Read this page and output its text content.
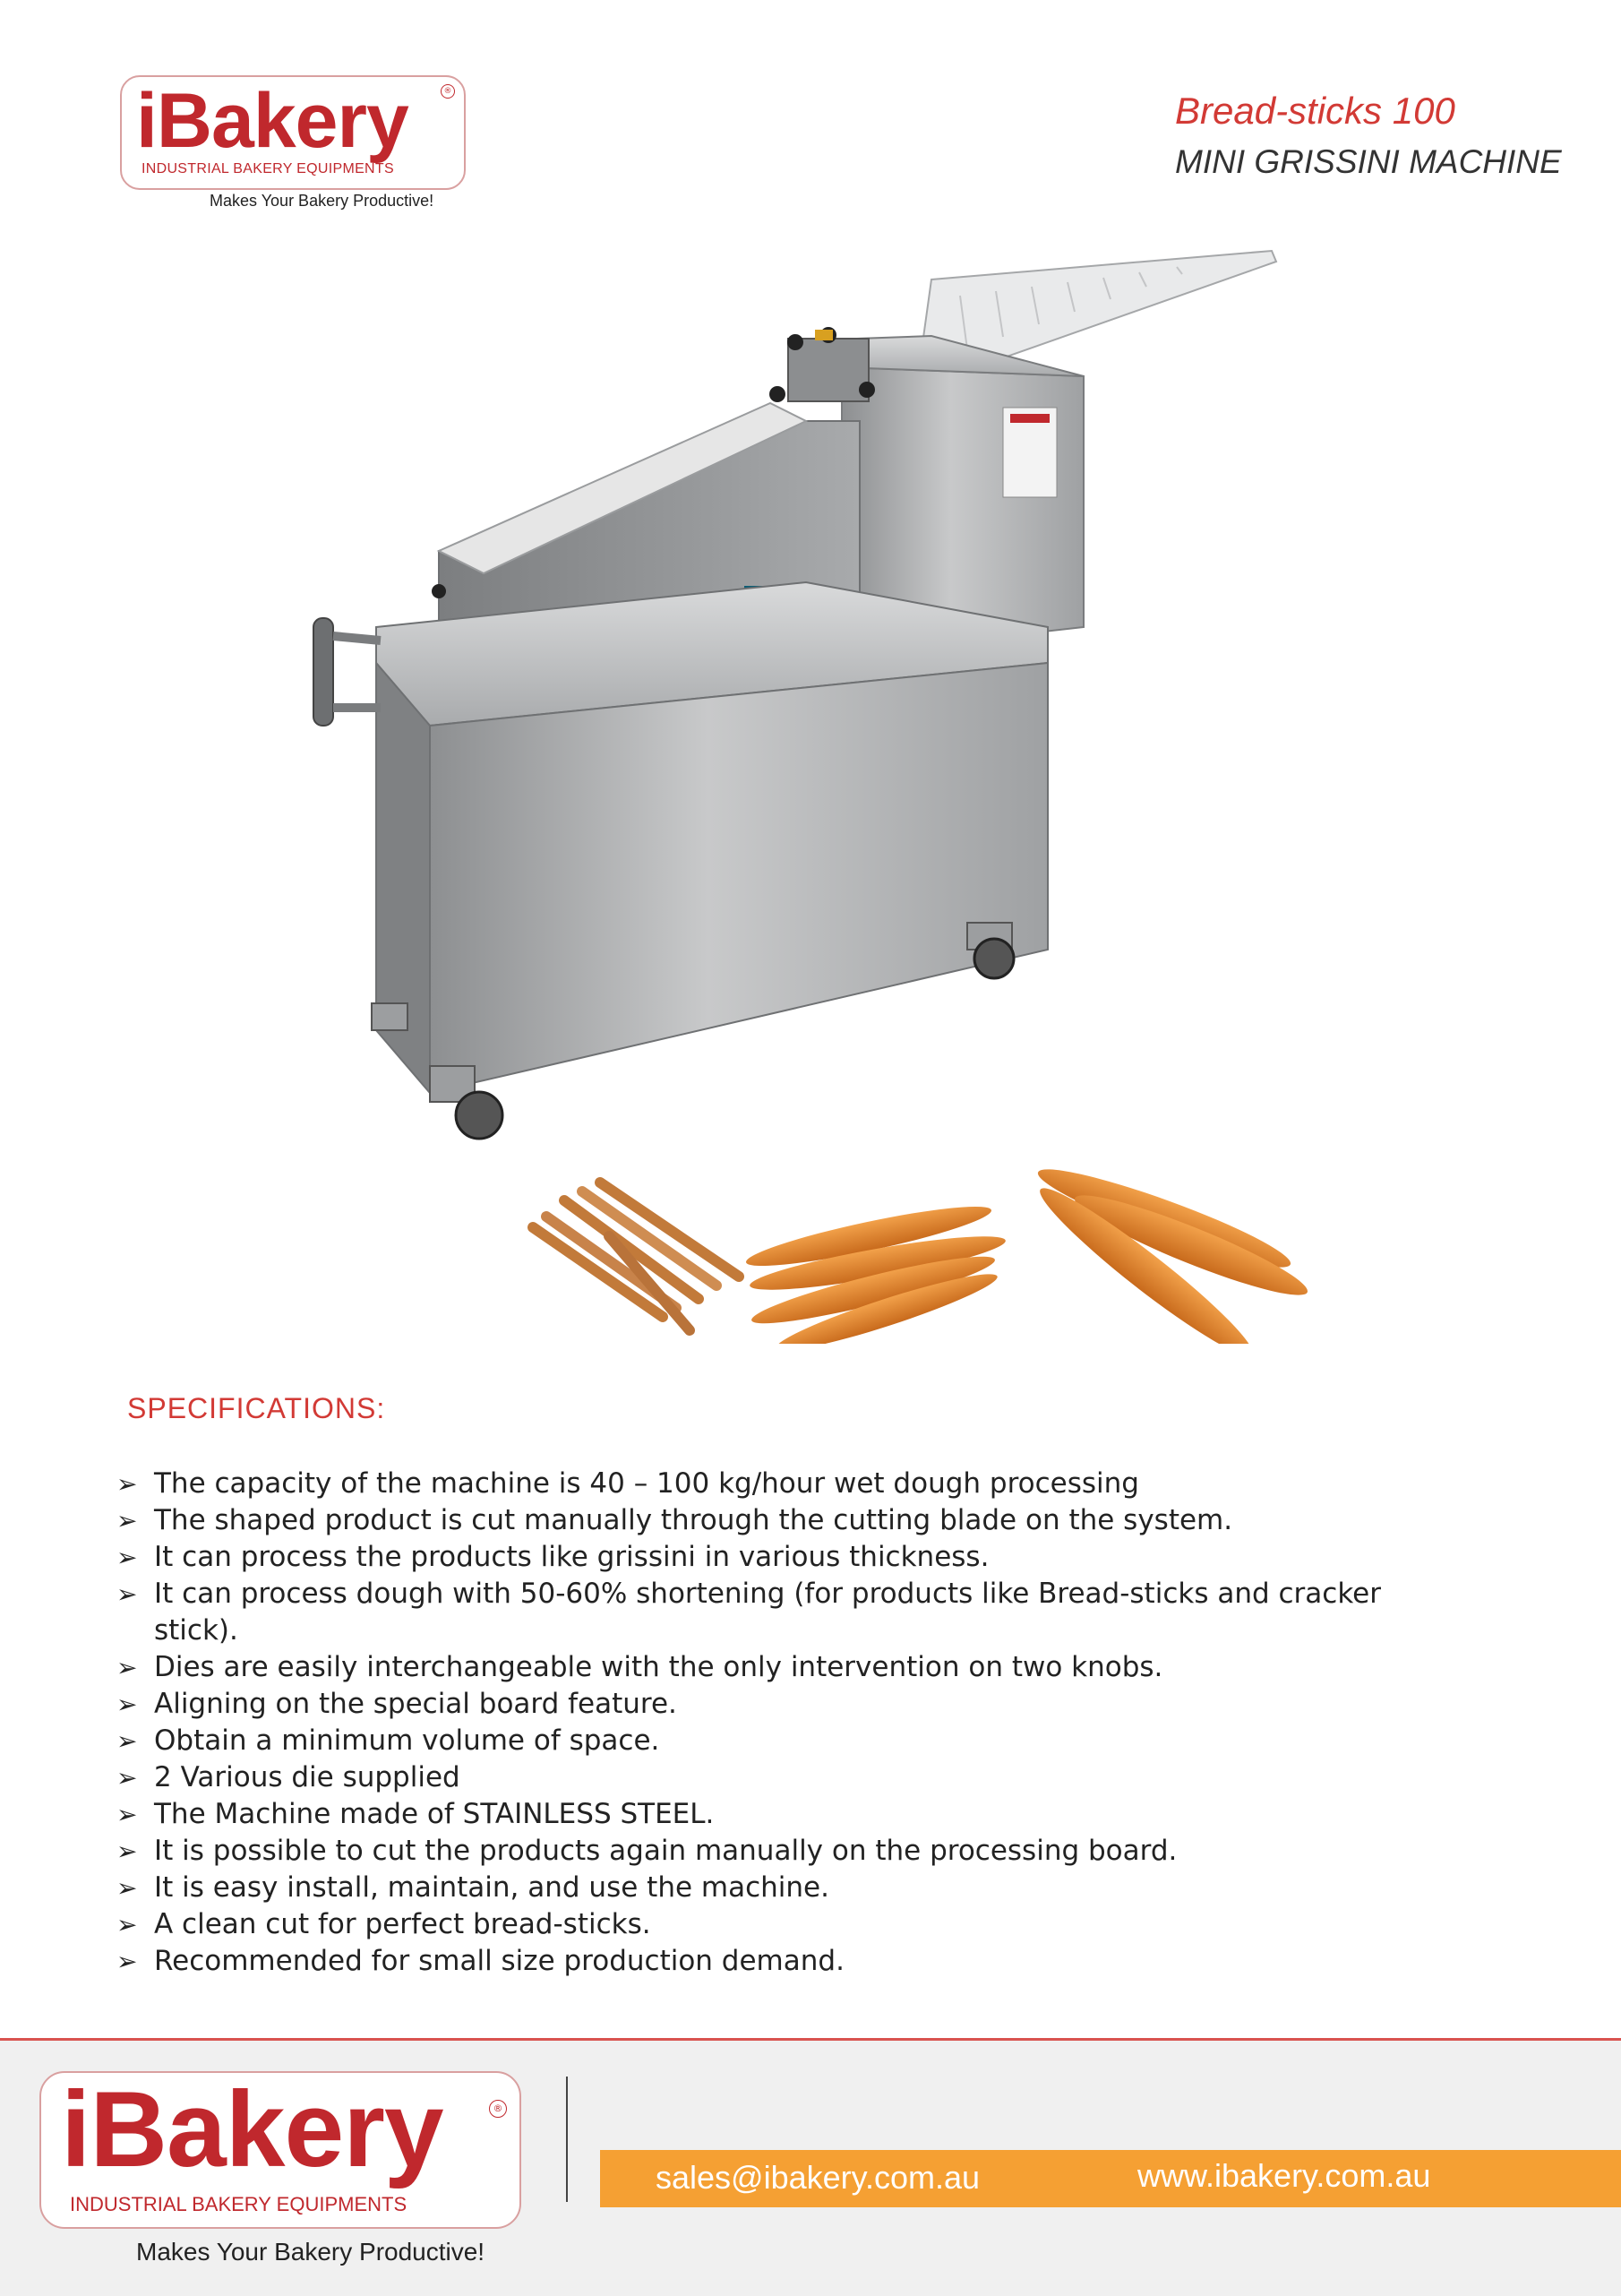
iBakery	®
INDUSTRIAL BAKERY EQUIPMENTS
Makes Your Bakery Productive!
Bread-sticks 100
MINI GRISSINI MACHINE
SPECIFICATIONS:
➢ The capacity of the machine is 40 – 100 kg/hour wet dough processing
➢ The shaped product is cut manually through the cutting blade on the system.
➢ It can process the products like grissini in various thickness.
➢ It can process dough with 50-60% shortening (for products like Bread-sticks and cracker stick).
➢ Dies are easily interchangeable with the only intervention on two knobs.
➢ Aligning on the special board feature.
➢ Obtain a minimum volume of space.
➢ 2 Various die supplied
➢ The Machine made of STAINLESS STEEL.
➢ It is possible to cut the products again manually on the processing board.
➢ It is easy install, maintain, and use the machine.
➢ A clean cut for perfect bread-sticks.
➢ Recommended for small size production demand.
iBakery	®
INDUSTRIAL BAKERY EQUIPMENTS
Makes Your Bakery Productive!
sales@ibakery.com.au	www.ibakery.com.au
